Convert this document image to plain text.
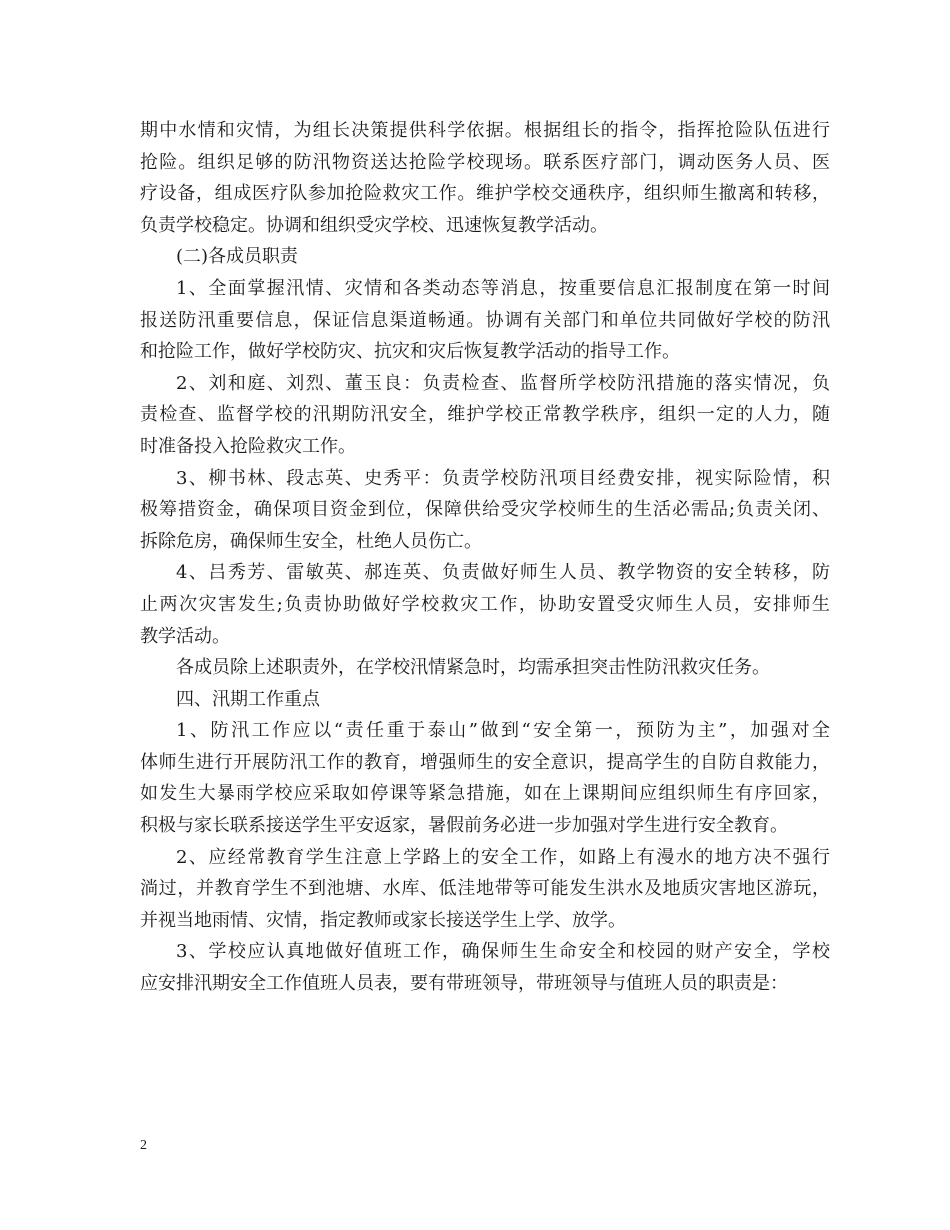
期中水情和灾情，为组长决策提供科学依据。根据组长的指令，指挥抢险队伍进行
抢险。组织足够的防汛物资送达抢险学校现场。联系医疗部门，调动医务人员、医
疗设备，组成医疗队参加抢险救灾工作。维护学校交通秩序，组织师生撤离和转移，
负责学校稳定。协调和组织受灾学校、迅速恢复教学活动。
(二)各成员职责
1、全面掌握汛情、灾情和各类动态等消息，按重要信息汇报制度在第一时间
报送防汛重要信息，保证信息渠道畅通。协调有关部门和单位共同做好学校的防汛
和抢险工作，做好学校防灾、抗灾和灾后恢复教学活动的指导工作。
2、刘和庭、刘烈、董玉良：负责检查、监督所学校防汛措施的落实情况，负
责检查、监督学校的汛期防汛安全，维护学校正常教学秩序，组织一定的人力，随
时准备投入抢险救灾工作。
3、柳书林、段志英、史秀平：负责学校防汛项目经费安排，视实际险情，积
极筹措资金，确保项目资金到位，保障供给受灾学校师生的生活必需品;负责关闭、
拆除危房，确保师生安全，杜绝人员伤亡。
4、吕秀芳、雷敏英、郝连英、负责做好师生人员、教学物资的安全转移，防
止两次灾害发生;负责协助做好学校救灾工作，协助安置受灾师生人员，安排师生
教学活动。
各成员除上述职责外，在学校汛情紧急时，均需承担突击性防汛救灾任务。
四、汛期工作重点
1、防汛工作应以“责任重于泰山”做到“安全第一，预防为主”，加强对全
体师生进行开展防汛工作的教育，增强师生的安全意识，提高学生的自防自救能力，
如发生大暴雨学校应采取如停课等紧急措施，如在上课期间应组织师生有序回家，
积极与家长联系接送学生平安返家，暑假前务必进一步加强对学生进行安全教育。
2、应经常教育学生注意上学路上的安全工作，如路上有漫水的地方决不强行
淌过，并教育学生不到池塘、水库、低洼地带等可能发生洪水及地质灾害地区游玩，
并视当地雨情、灾情，指定教师或家长接送学生上学、放学。
3、学校应认真地做好值班工作，确保师生生命安全和校园的财产安全，学校
应安排汛期安全工作值班人员表，要有带班领导，带班领导与值班人员的职责是：
2
